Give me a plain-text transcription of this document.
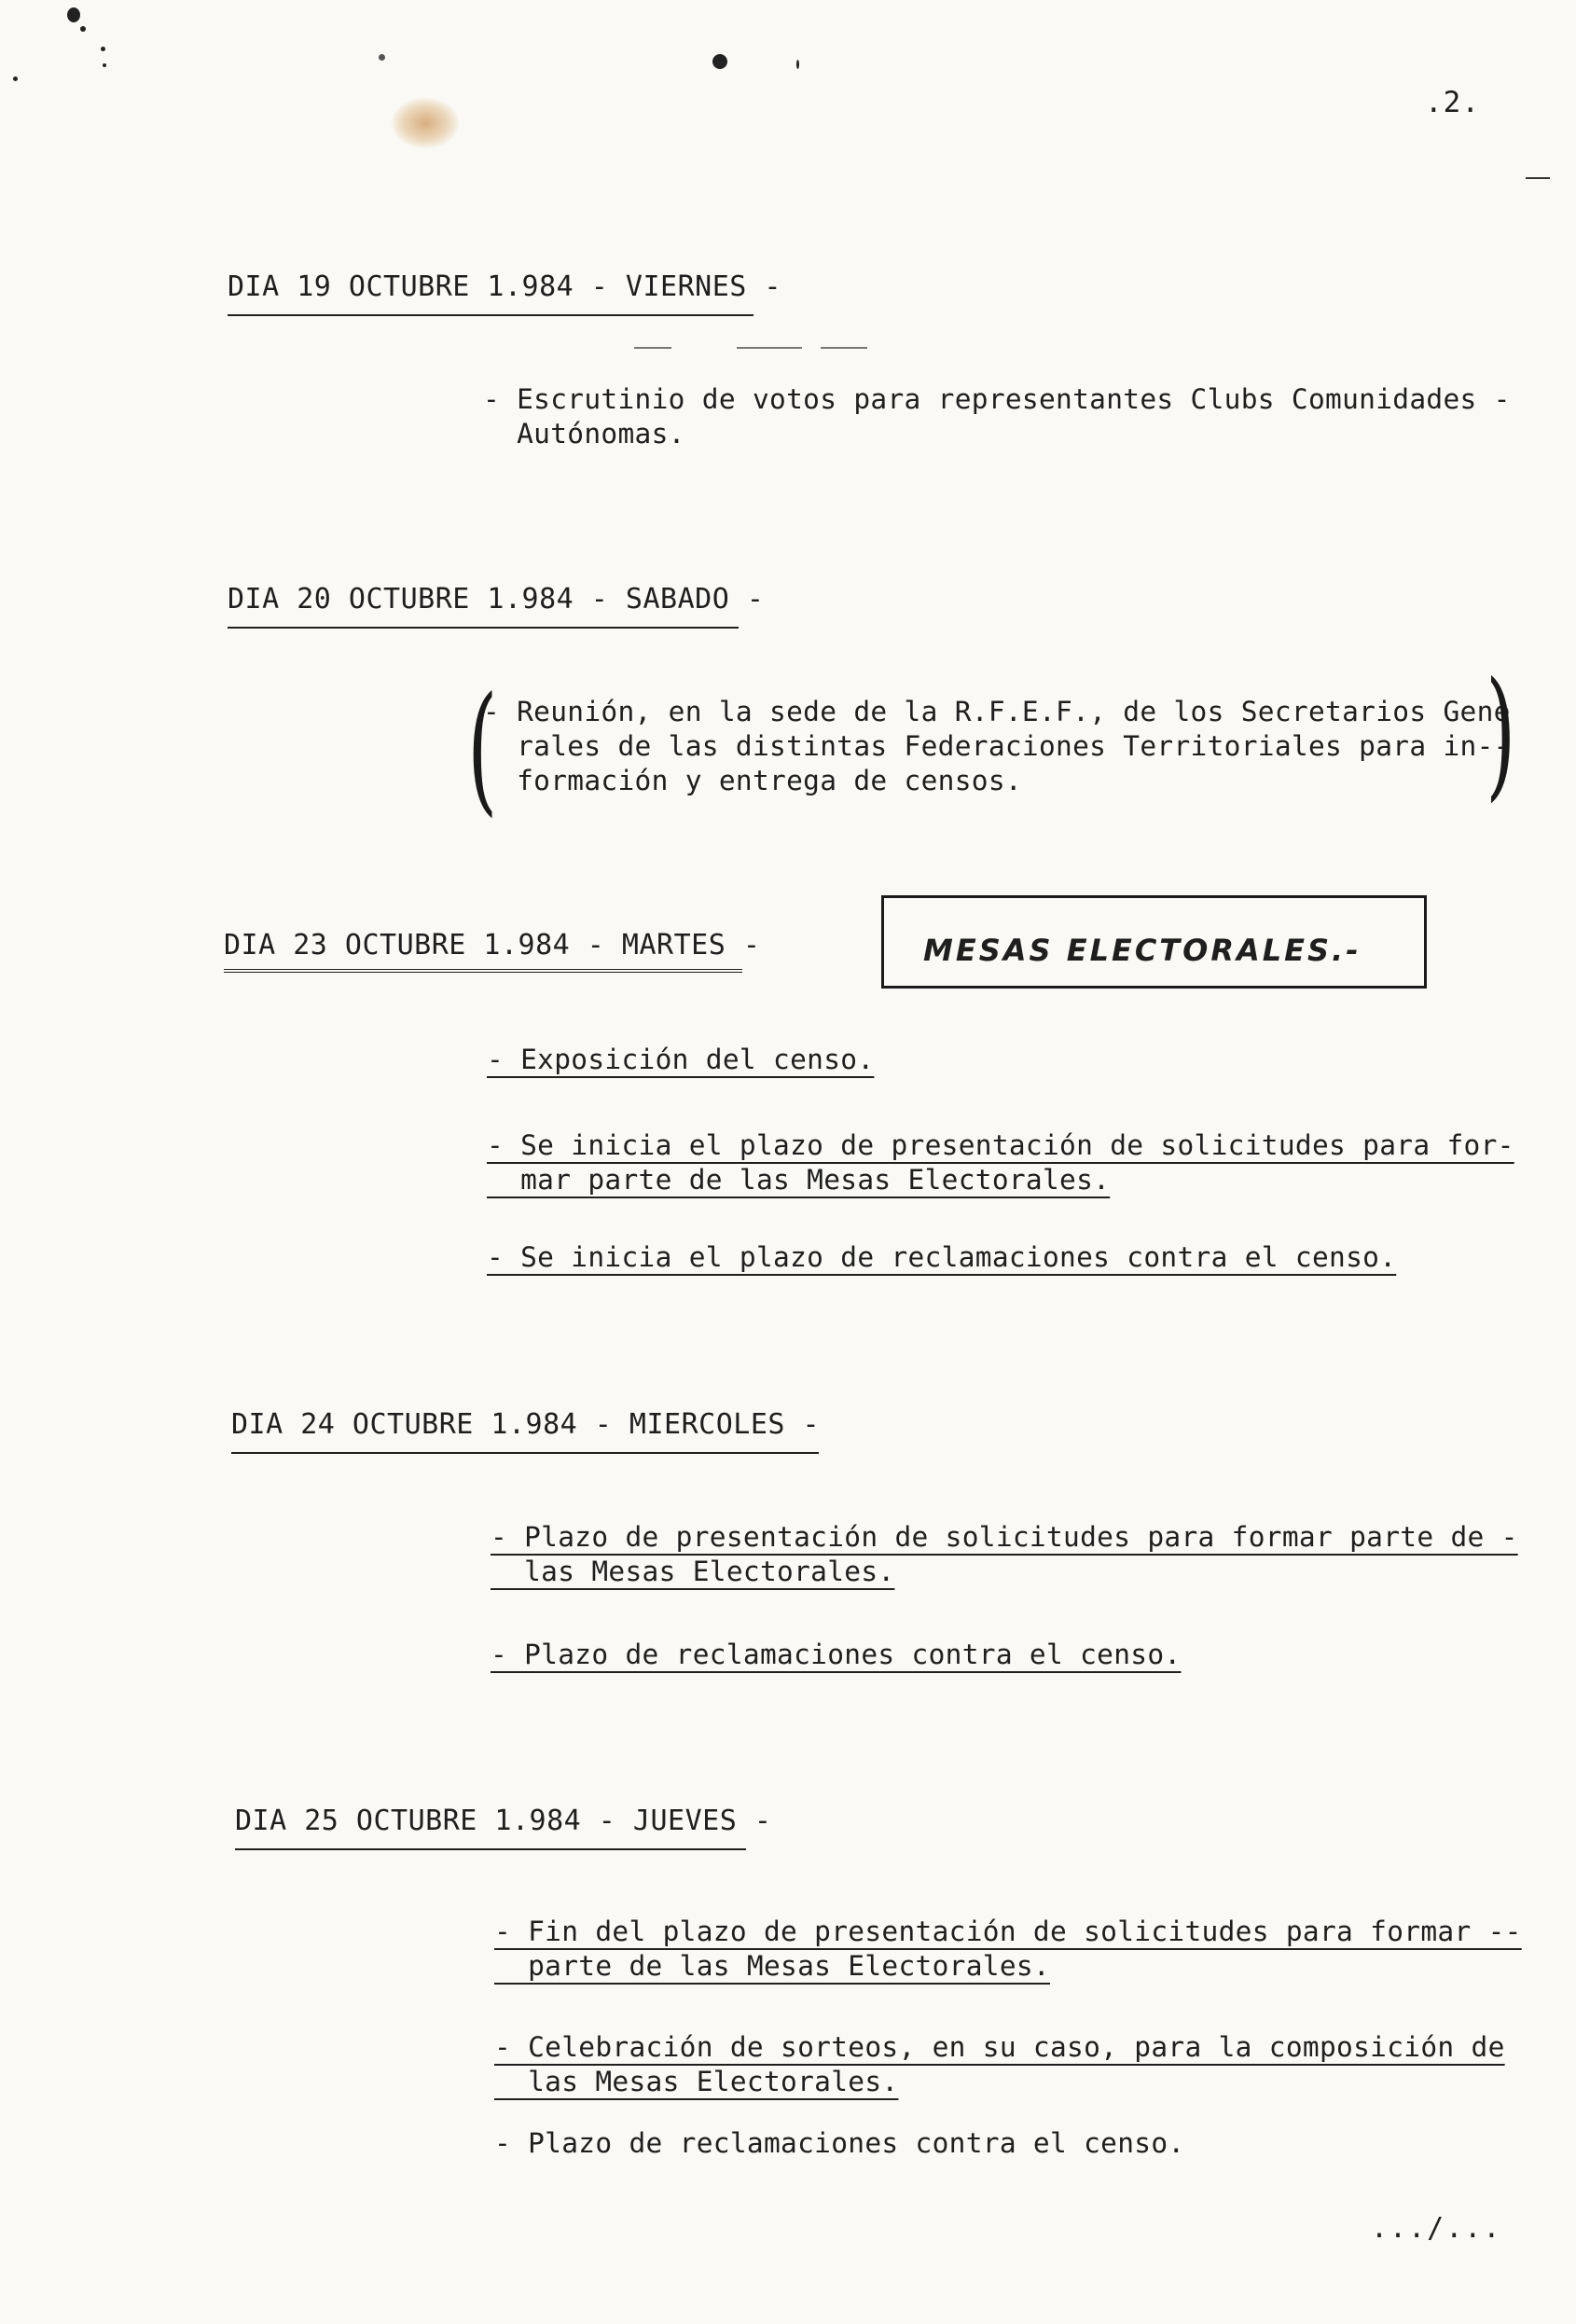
.2.
DIA 19 OCTUBRE 1.984 - VIERNES -
- Escrutinio de votos para representantes Clubs Comunidades -
Autónomas.
DIA 20 OCTUBRE 1.984 - SABADO -
(
- Reunión, en la sede de la R.F.E.F., de los Secretarios Gene
rales de las distintas Federaciones Territoriales para in--
formación y entrega de censos.	)
DIA 23 OCTUBRE 1.984 - MARTES -	MESAS ELECTORALES.-
- Exposición del censo.
- Se inicia el plazo de presentación de solicitudes para for-
mar parte de las Mesas Electorales.
- Se inicia el plazo de reclamaciones contra el censo.
DIA 24 OCTUBRE 1.984 - MIERCOLES -
- Plazo de presentación de solicitudes para formar parte de -
las Mesas Electorales.
- Plazo de reclamaciones contra el censo.
DIA 25 OCTUBRE 1.984 - JUEVES -
- Fin del plazo de presentación de solicitudes para formar --
parte de las Mesas Electorales.
- Celebración de sorteos, en su caso, para la composición de
las Mesas Electorales.
- Plazo de reclamaciones contra el censo.
.../...
